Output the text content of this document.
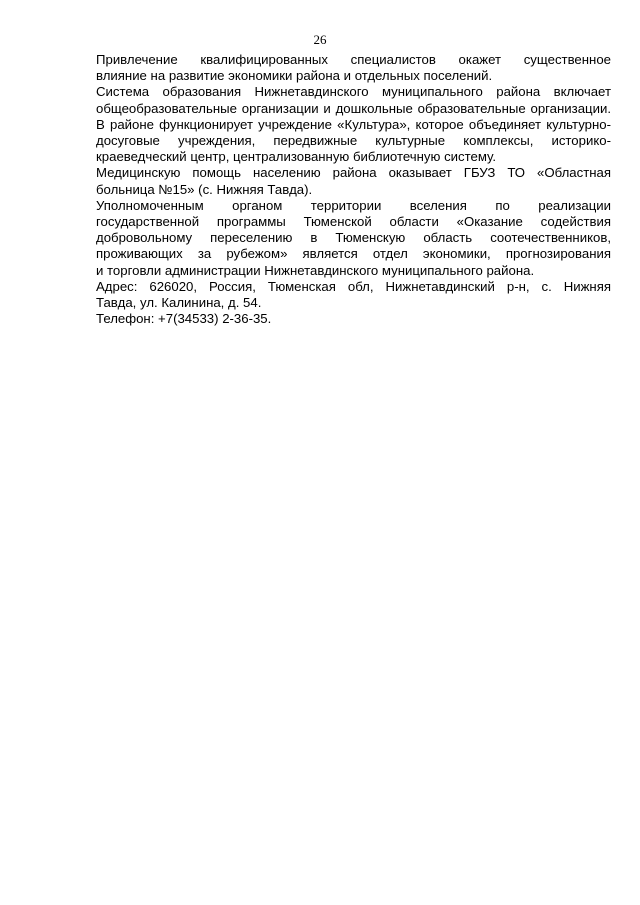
26

Привлечение квалифицированных специалистов окажет существенное
влияние на развитие экономики района и отдельных поселений.

Система образования Нижнетавдинского муниципального района включает
общеобразовательные организации и дошкольные образовательные организации.
В районе функционирует учреждение «Культура», которое объединяет культурно-
досуговые учреждения, передвижные культурные комплексы, историко-
краеведческий центр, централизованную библиотечную систему.

Медицинскую помощь населению района оказывает ГБУЗ ТО «Областная
больница №15» (с. Нижняя Тавда).

Уполномоченным органом территории вселения по реализации
государственной программы Тюменской области «Оказание содействия
добровольному переселению в Тюменскую область соотечественников,
проживающих за рубежом» является отдел экономики, прогнозирования
и торговли администрации Нижнетавдинского муниципального района.

Адрес: 626020, Россия, Тюменская обл, Нижнетавдинский р-н, с. Нижняя
Тавда, ул. Калинина, д. 54.

Телефон: +7(34533) 2-36-35.
